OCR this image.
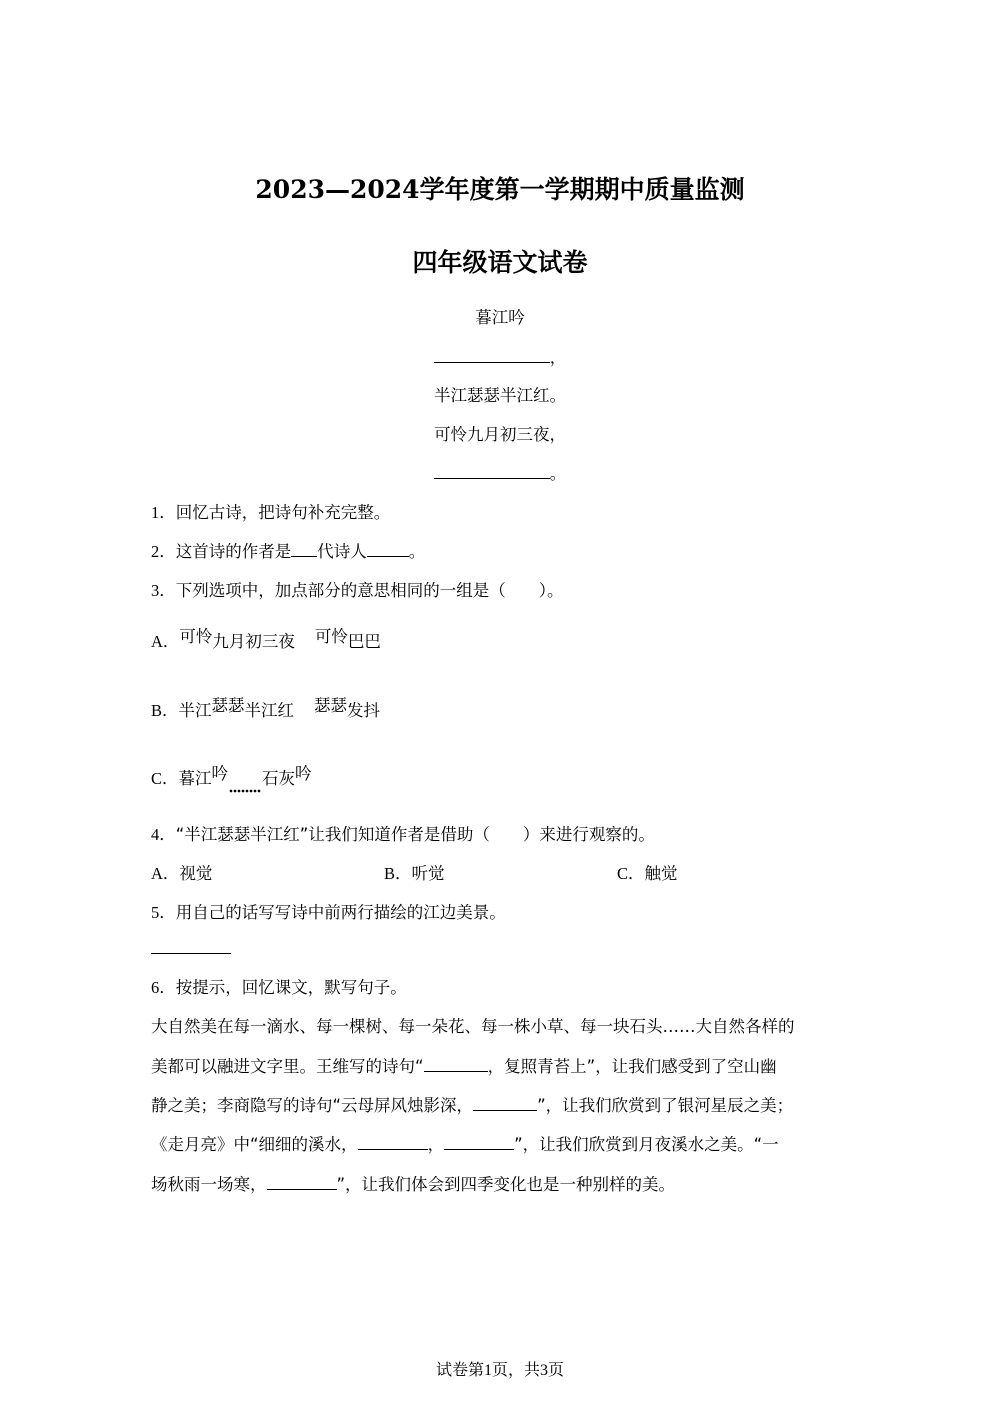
2023—2024学年度第一学期期中质量监测
四年级语文试卷
暮江吟
，
半江瑟瑟半江红。
可怜九月初三夜，
。
1．回忆古诗，把诗句补充完整。
2．这首诗的作者是 代诗人	。
3．下列选项中，加点部分的意思相同的一组是（　　）。
A．可怜九月初三夜 可怜巴巴
B．半江瑟瑟半江红 瑟瑟发抖
C．暮江吟 石灰吟
4．“半江瑟瑟半江红”让我们知道作者是借助（　　）来进行观察的。
A．视觉	B．听觉	C．触觉
5．用自己的话写写诗中前两行描绘的江边美景。
6．按提示，回忆课文，默写句子。
大自然美在每一滴水、每一棵树、每一朵花、每一株小草、每一块石头……大自然各样的
美都可以融进文字里。王维写的诗句“	，复照青苔上”，让我们感受到了空山幽
静之美；李商隐写的诗句“云母屏风烛影深，	”，让我们欣赏到了银河星辰之美；
《走月亮》中“细细的溪水，	，	”，让我们欣赏到月夜溪水之美。“一
场秋雨一场寒，	”，让我们体会到四季变化也是一种别样的美。
试卷第1页，共3页
